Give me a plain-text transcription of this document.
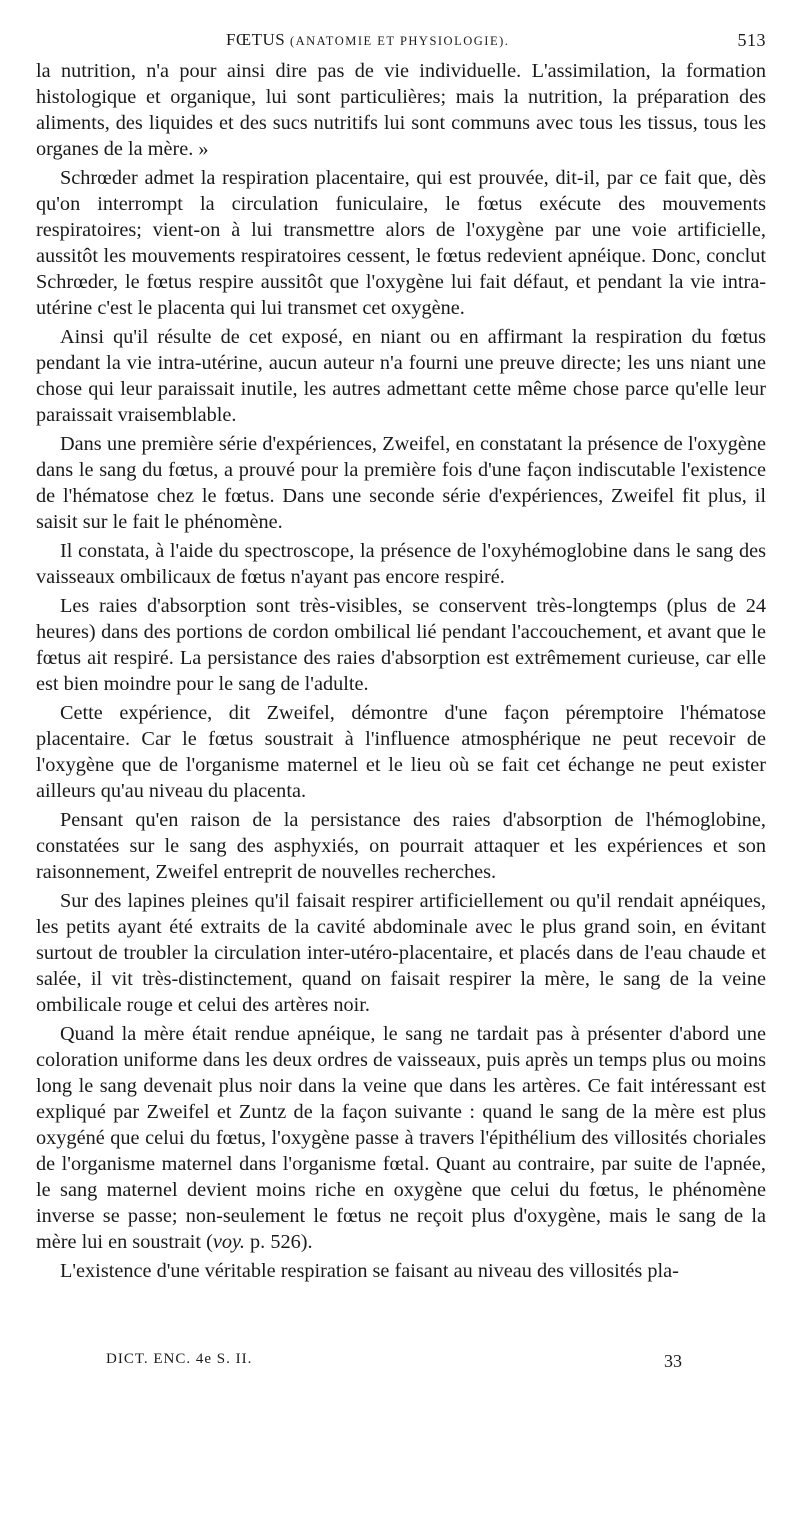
FŒTUS (ANATOMIE ET PHYSIOLOGIE).	513

la nutrition, n'a pour ainsi dire pas de vie individuelle. L'assimilation, la formation histologique et organique, lui sont particulières; mais la nutrition, la préparation des aliments, des liquides et des sucs nutritifs lui sont communs avec tous les tissus, tous les organes de la mère. »

Schrœder admet la respiration placentaire, qui est prouvée, dit-il, par ce fait que, dès qu'on interrompt la circulation funiculaire, le fœtus exécute des mouvements respiratoires; vient-on à lui transmettre alors de l'oxygène par une voie artificielle, aussitôt les mouvements respiratoires cessent, le fœtus redevient apnéique. Donc, conclut Schrœder, le fœtus respire aussitôt que l'oxygène lui fait défaut, et pendant la vie intra-utérine c'est le placenta qui lui transmet cet oxygène.

Ainsi qu'il résulte de cet exposé, en niant ou en affirmant la respiration du fœtus pendant la vie intra-utérine, aucun auteur n'a fourni une preuve directe; les uns niant une chose qui leur paraissait inutile, les autres admettant cette même chose parce qu'elle leur paraissait vraisemblable.

Dans une première série d'expériences, Zweifel, en constatant la présence de l'oxygène dans le sang du fœtus, a prouvé pour la première fois d'une façon indiscutable l'existence de l'hématose chez le fœtus. Dans une seconde série d'expériences, Zweifel fit plus, il saisit sur le fait le phénomène.

Il constata, à l'aide du spectroscope, la présence de l'oxyhémoglobine dans le sang des vaisseaux ombilicaux de fœtus n'ayant pas encore respiré.

Les raies d'absorption sont très-visibles, se conservent très-longtemps (plus de 24 heures) dans des portions de cordon ombilical lié pendant l'accouchement, et avant que le fœtus ait respiré. La persistance des raies d'absorption est extrêmement curieuse, car elle est bien moindre pour le sang de l'adulte.

Cette expérience, dit Zweifel, démontre d'une façon péremptoire l'hématose placentaire. Car le fœtus soustrait à l'influence atmosphérique ne peut recevoir de l'oxygène que de l'organisme maternel et le lieu où se fait cet échange ne peut exister ailleurs qu'au niveau du placenta.

Pensant qu'en raison de la persistance des raies d'absorption de l'hémoglobine, constatées sur le sang des asphyxiés, on pourrait attaquer et les expériences et son raisonnement, Zweifel entreprit de nouvelles recherches.

Sur des lapines pleines qu'il faisait respirer artificiellement ou qu'il rendait apnéiques, les petits ayant été extraits de la cavité abdominale avec le plus grand soin, en évitant surtout de troubler la circulation inter-utéro-placentaire, et placés dans de l'eau chaude et salée, il vit très-distinctement, quand on faisait respirer la mère, le sang de la veine ombilicale rouge et celui des artères noir.

Quand la mère était rendue apnéique, le sang ne tardait pas à présenter d'abord une coloration uniforme dans les deux ordres de vaisseaux, puis après un temps plus ou moins long le sang devenait plus noir dans la veine que dans les artères. Ce fait intéressant est expliqué par Zweifel et Zuntz de la façon suivante : quand le sang de la mère est plus oxygéné que celui du fœtus, l'oxygène passe à travers l'épithélium des villosités choriales de l'organisme maternel dans l'organisme fœtal. Quant au contraire, par suite de l'apnée, le sang maternel devient moins riche en oxygène que celui du fœtus, le phénomène inverse se passe; non-seulement le fœtus ne reçoit plus d'oxygène, mais le sang de la mère lui en soustrait (voy. p. 526).

L'existence d'une véritable respiration se faisant au niveau des villosités pla-

DICT. ENC. 4e S. II.	33
